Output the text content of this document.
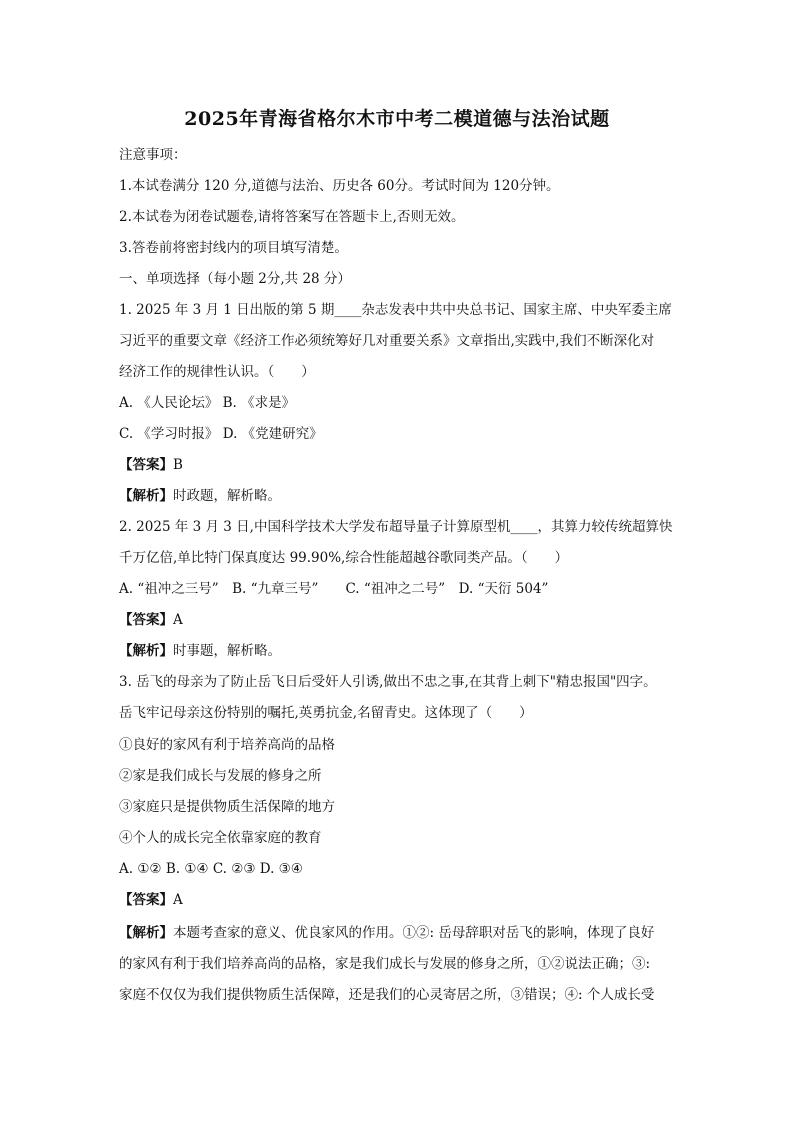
2025年青海省格尔木市中考二模道德与法治试题
注意事项：
1.本试卷满分 120 分,道德与法治、历史各 60分。考试时间为 120分钟。
2.本试卷为闭卷试题卷,请将答案写在答题卡上,否则无效。
3.答卷前将密封线内的项目填写清楚。
一、单项选择（每小题 2分,共 28 分）
1. 2025 年 3 月 1 日出版的第 5 期____杂志发表中共中央总书记、国家主席、中央军委主席
习近平的重要文章《经济工作必须统筹好几对重要关系》文章指出,实践中,我们不断深化对
经济工作的规律性认识。（　　）
A. 《人民论坛》 B. 《求是》
C. 《学习时报》 D. 《党建研究》
【答案】B
【解析】时政题，解析略。
2. 2025 年 3 月 3 日,中国科学技术大学发布超导量子计算原型机____，其算力较传统超算快
千万亿倍,单比特门保真度达 99.90%,综合性能超越谷歌同类产品。（　　）
A. “祖冲之三号”　B. “九章三号”　　C. “祖冲之二号”　D. “天衍 504”
【答案】A
【解析】时事题，解析略。
3. 岳飞的母亲为了防止岳飞日后受奸人引诱,做出不忠之事,在其背上刺下"精忠报国"四字。
岳飞牢记母亲这份特别的嘱托,英勇抗金,名留青史。这体现了（　　）
①良好的家风有利于培养高尚的品格
②家是我们成长与发展的修身之所
③家庭只是提供物质生活保障的地方
④个人的成长完全依靠家庭的教育
A. ①② B. ①④ C. ②③ D. ③④
【答案】A
【解析】本题考查家的意义、优良家风的作用。①②: 岳母辞职对岳飞的影响，体现了良好
的家风有利于我们培养高尚的品格，家是我们成长与发展的修身之所，①②说法正确；③:
家庭不仅仅为我们提供物质生活保障，还是我们的心灵寄居之所，③错误；④: 个人成长受
